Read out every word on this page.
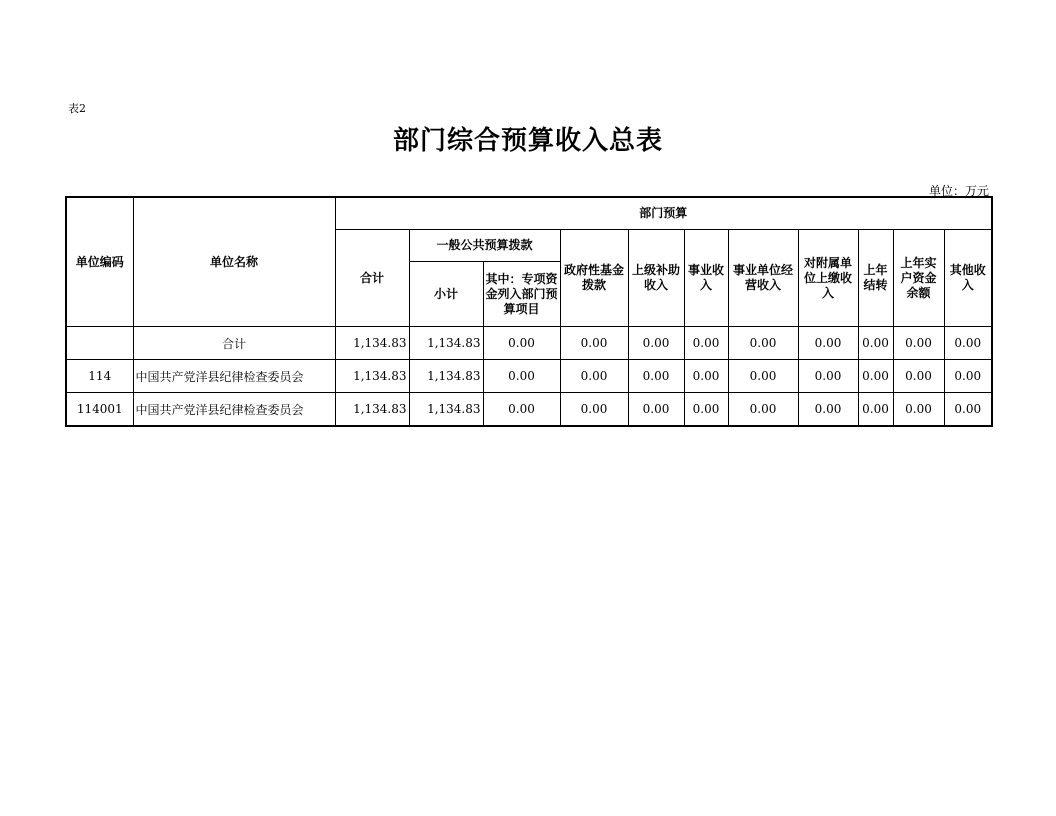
表2
部门综合预算收入总表
单位：万元
单位编码	单位名称	部门预算										
		合计	一般公共预算拨款		政府性基金拨款	上级补助收入	事业收入	事业单位经营收入	对附属单位上缴收入	上年结转	上年实户资金余额	其他收入
			小计	其中：专项资金列入部门预算项目								
	合计	1,134.83	1,134.83	0.00	0.00	0.00	0.00	0.00	0.00	0.00	0.00	0.00
114	中国共产党洋县纪律检查委员会	1,134.83	1,134.83	0.00	0.00	0.00	0.00	0.00	0.00	0.00	0.00	0.00
114001	中国共产党洋县纪律检查委员会	1,134.83	1,134.83	0.00	0.00	0.00	0.00	0.00	0.00	0.00	0.00	0.00
